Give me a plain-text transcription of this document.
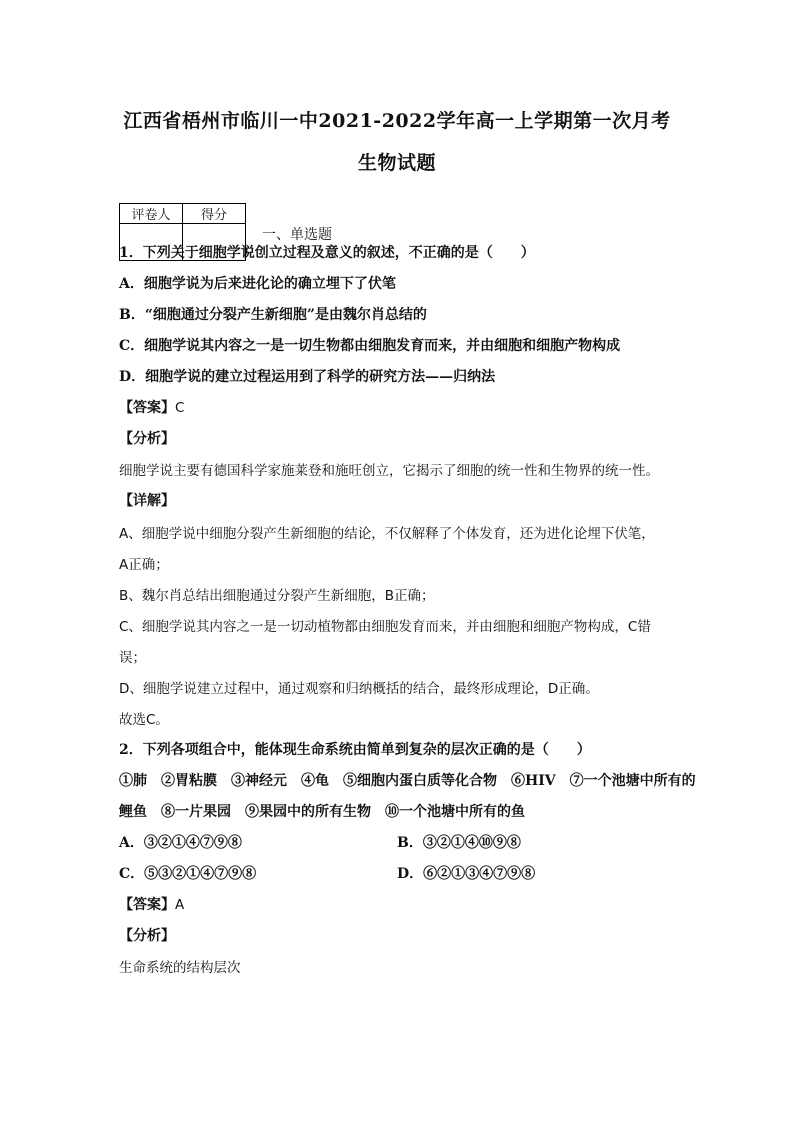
江西省梧州市临川一中2021-2022学年高一上学期第一次月考
生物试题
评卷人	得分

一、单选题
1．下列关于细胞学说创立过程及意义的叙述，不正确的是（　　）
A．细胞学说为后来进化论的确立埋下了伏笔
B．“细胞通过分裂产生新细胞”是由魏尔肖总结的
C．细胞学说其内容之一是一切生物都由细胞发育而来，并由细胞和细胞产物构成
D．细胞学说的建立过程运用到了科学的研究方法——归纳法
【答案】C
【分析】
细胞学说主要有德国科学家施莱登和施旺创立，它揭示了细胞的统一性和生物界的统一性。
【详解】
A、细胞学说中细胞分裂产生新细胞的结论，不仅解释了个体发育，还为进化论埋下伏笔，
A正确；
B、魏尔肖总结出细胞通过分裂产生新细胞，B正确；
C、细胞学说其内容之一是一切动植物都由细胞发育而来，并由细胞和细胞产物构成，C错
误；
D、细胞学说建立过程中，通过观察和归纳概括的结合，最终形成理论，D正确。
故选C。
2．下列各项组合中，能体现生命系统由简单到复杂的层次正确的是（　　）
①肺　②胃粘膜　③神经元　④龟　⑤细胞内蛋白质等化合物　⑥HIV　⑦一个池塘中所有的
鲤鱼　⑧一片果园　⑨果园中的所有生物　⑩一个池塘中所有的鱼
A．③②①④⑦⑨⑧	B．③②①④⑩⑨⑧
C．⑤③②①④⑦⑨⑧	D．⑥②①③④⑦⑨⑧
【答案】A
【分析】
生命系统的结构层次
